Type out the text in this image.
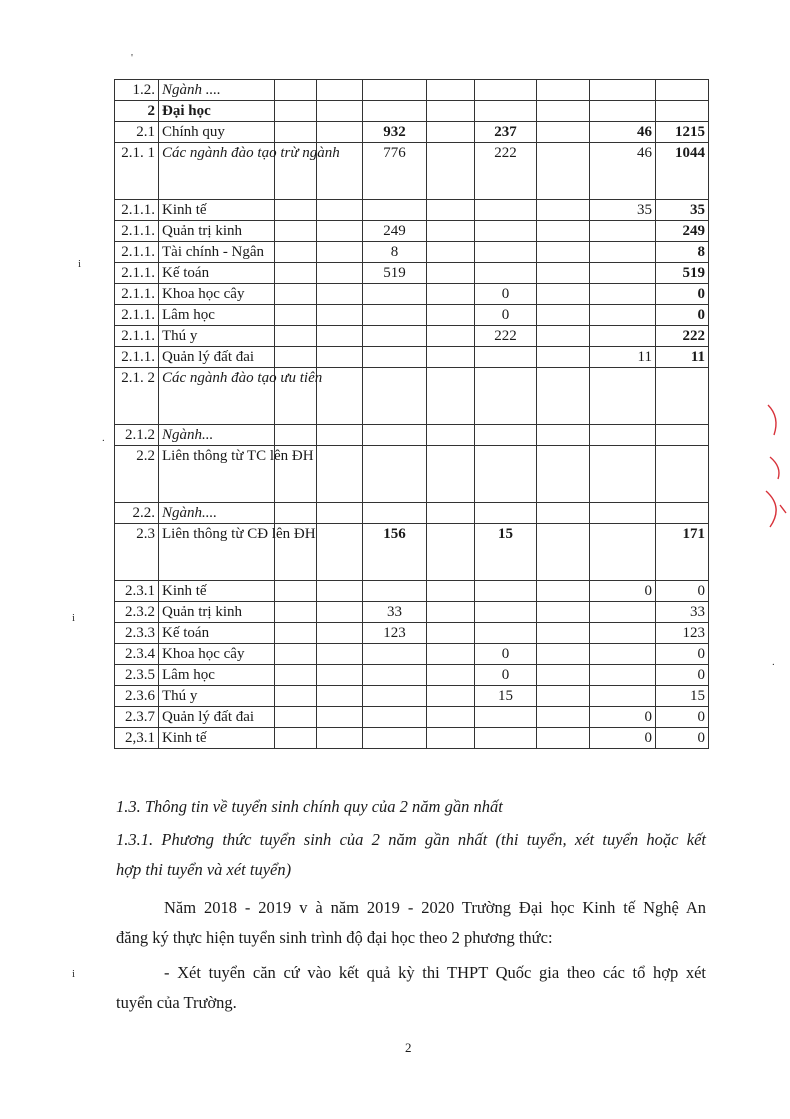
1.2.	Ngành ....								
2	Đại học								
2.1	Chính quy			932		237		46	1215
2.1. 1	Các ngành đào tạo trừ ngành			776		222		46	1044
2.1.1.	Kinh tế							35	35
2.1.1.	Quản trị kinh			249					249
2.1.1.	Tài chính - Ngân			8					8
2.1.1.	Kế toán			519					519
2.1.1.	Khoa học cây					0			0
2.1.1.	Lâm học					0			0
2.1.1.	Thú y					222			222
2.1.1.	Quản lý đất đai							11	11
2.1. 2	Các ngành đào tạo ưu tiên								
2.1.2	Ngành...								
2.2	Liên thông từ TC lên ĐH								
2.2.	Ngành....								
2.3	Liên thông từ CĐ lên ĐH			156		15			171
2.3.1	Kinh tế							0	0
2.3.2	Quản trị kinh			33					33
2.3.3	Kế toán			123					123
2.3.4	Khoa học cây					0			0
2.3.5	Lâm học					0			0
2.3.6	Thú y					15			15
2.3.7	Quản lý đất đai							0	0
2,3.1	Kinh tế							0	0
1.3. Thông tin về tuyển sinh chính quy của 2 năm gần nhất
1.3.1. Phương thức tuyển sinh của 2 năm gần nhất (thi tuyển, xét tuyển hoặc kết
hợp thi tuyển và xét tuyển)
Năm 2018 - 2019 v à năm 2019 - 2020 Trường Đại học Kinh tế Nghệ An
đăng ký thực hiện tuyển sinh trình độ đại học theo 2 phương thức:
- Xét tuyển căn cứ vào kết quả kỳ thi THPT Quốc gia theo các tổ hợp xét
tuyển của Trường.
2
'
i
i
i
.
.
